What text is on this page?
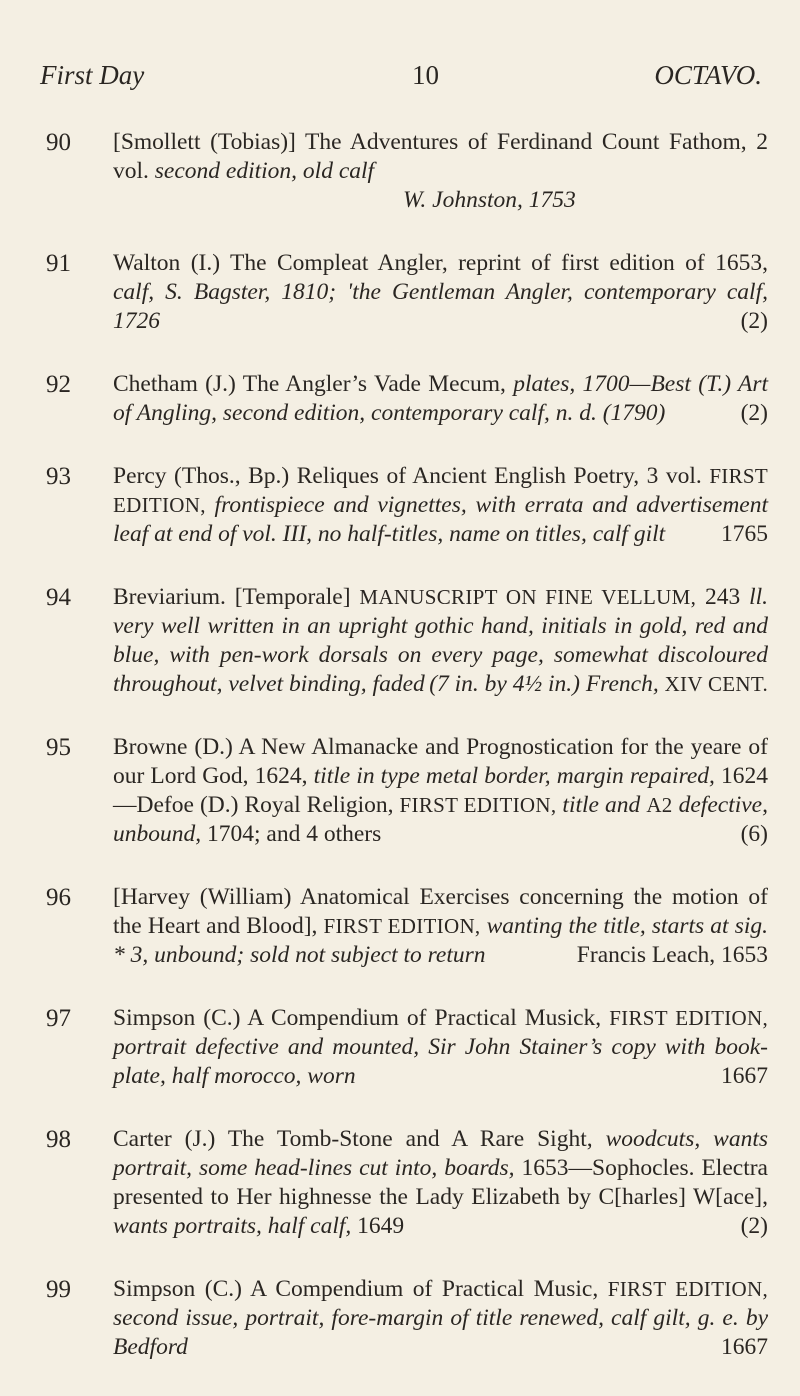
First Day	10	OCTAVO.
90	[Smollett (Tobias)] The Adventures of Ferdinand Count Fathom, 2 vol. second edition, old calf
W. Johnston, 1753
91	Walton (I.) The Compleat Angler, reprint of first edition of 1653, calf, S. Bagster, 1810; 'the Gentleman Angler, contemporary calf, 1726	(2)
92	Chetham (J.) The Angler’s Vade Mecum, plates, 1700—Best (T.) Art of Angling, second edition, contemporary calf, n. d. (1790)	(2)
93	Percy (Thos., Bp.) Reliques of Ancient English Poetry, 3 vol. FIRST EDITION, frontispiece and vignettes, with errata and advertisement leaf at end of vol. III, no half-titles, name on titles, calf gilt 1765
94	Breviarium. [Temporale] MANUSCRIPT ON FINE VELLUM, 243 ll. very well written in an upright gothic hand, initials in gold, red and blue, with pen-work dorsals on every page, somewhat discoloured throughout, velvet binding, faded (7 in. by 4½ in.) French, XIV CENT.
95	Browne (D.) A New Almanacke and Prognostication for the yeare of our Lord God, 1624, title in type metal border, margin repaired, 1624—Defoe (D.) Royal Religion, FIRST EDITION, title and A2 defective, unbound, 1704; and 4 others	(6)
96	[Harvey (William) Anatomical Exercises concerning the motion of the Heart and Blood], FIRST EDITION, wanting the title, starts at sig. * 3, unbound; sold not subject to return	Francis Leach, 1653
97	Simpson (C.) A Compendium of Practical Musick, FIRST EDITION, portrait defective and mounted, Sir John Stainer’s copy with book-plate, half morocco, worn	1667
98	Carter (J.) The Tomb-Stone and A Rare Sight, woodcuts, wants portrait, some head-lines cut into, boards, 1653—Sophocles. Electra presented to Her highnesse the Lady Elizabeth by C[harles] W[ace], wants portraits, half calf, 1649	(2)
99	Simpson (C.) A Compendium of Practical Music, FIRST EDITION, second issue, portrait, fore-margin of title renewed, calf gilt, g. e. by Bedford	1667
